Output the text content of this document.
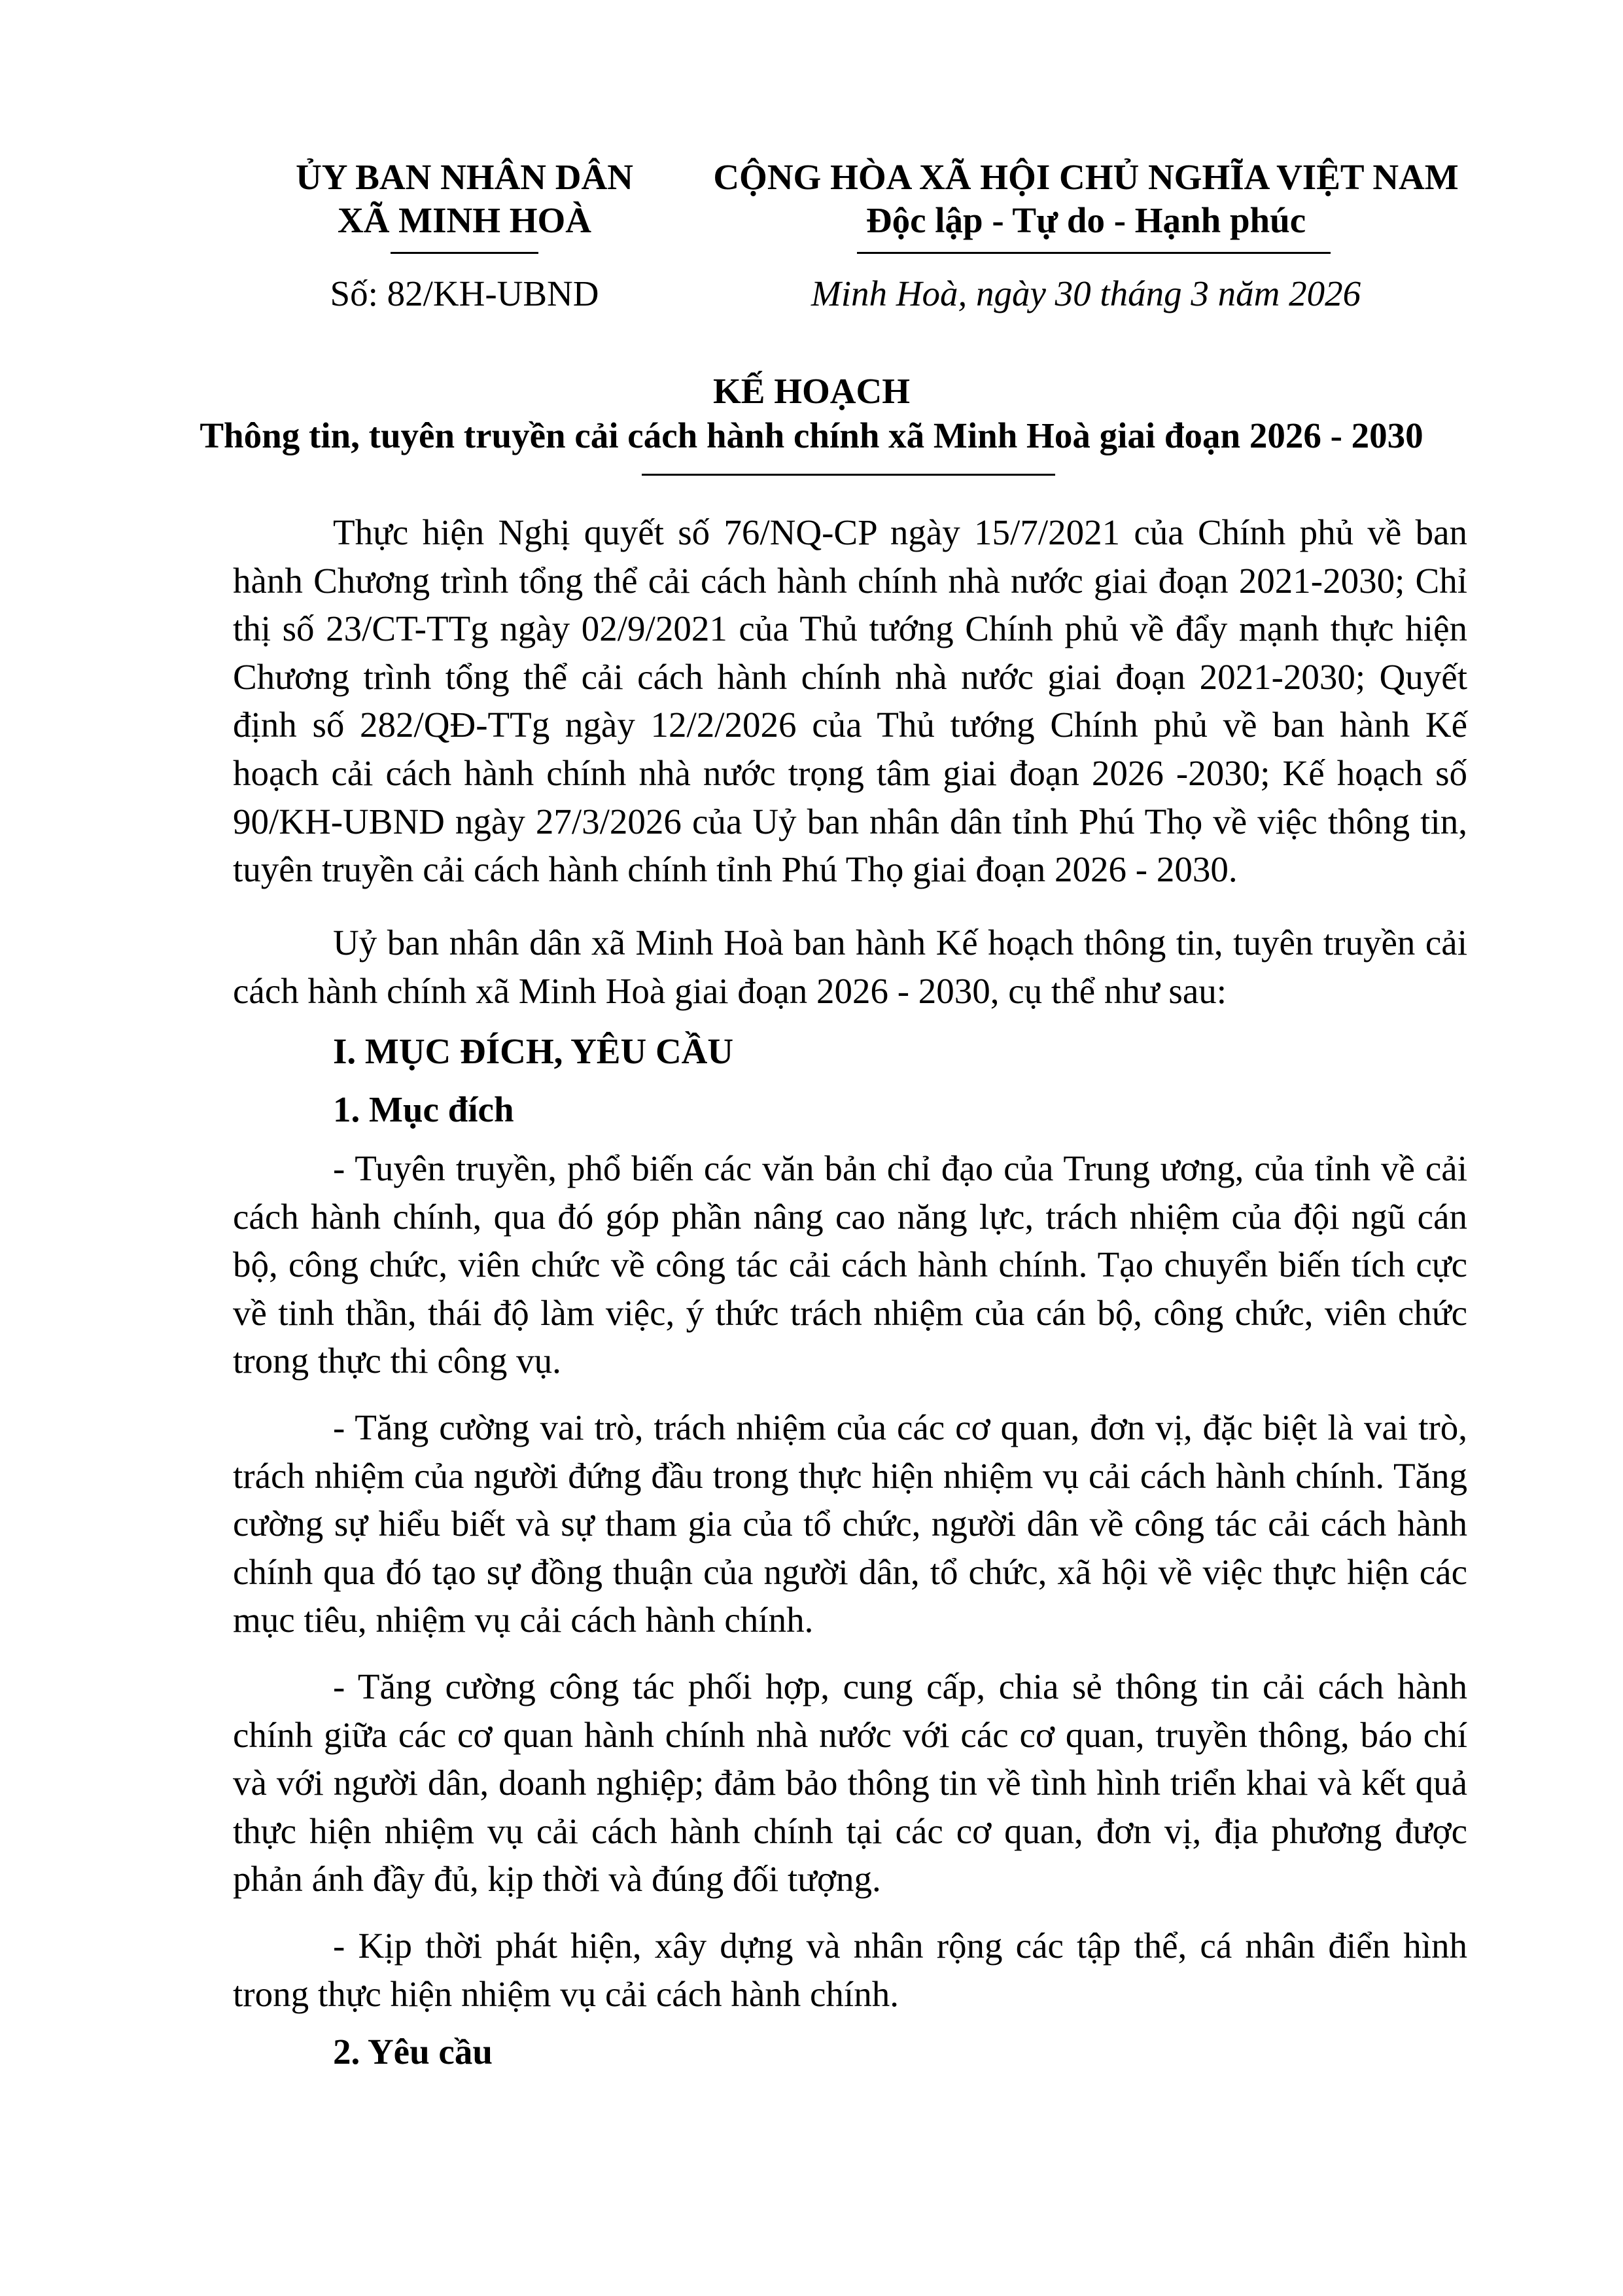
ỦY BAN NHÂN DÂN
XÃ MINH HOÀ
Số: 82/KH-UBND
CỘNG HÒA XÃ HỘI CHỦ NGHĨA VIỆT NAM
Độc lập - Tự do - Hạnh phúc
Minh Hoà, ngày 30 tháng 3 năm 2026
KẾ HOẠCH
Thông tin, tuyên truyền cải cách hành chính xã Minh Hoà giai đoạn 2026 - 2030
Thực hiện Nghị quyết số 76/NQ-CP ngày 15/7/2021 của Chính phủ về ban hành Chương trình tổng thể cải cách hành chính nhà nước giai đoạn 2021-2030; Chỉ thị số 23/CT-TTg ngày 02/9/2021 của Thủ tướng Chính phủ về đẩy mạnh thực hiện Chương trình tổng thể cải cách hành chính nhà nước giai đoạn 2021-2030; Quyết định số 282/QĐ-TTg ngày 12/2/2026 của Thủ tướng Chính phủ về ban hành Kế hoạch cải cách hành chính nhà nước trọng tâm giai đoạn 2026 -2030; Kế hoạch số 90/KH-UBND ngày 27/3/2026 của Uỷ ban nhân dân tỉnh Phú Thọ về việc thông tin, tuyên truyền cải cách hành chính tỉnh Phú Thọ giai đoạn 2026 - 2030.
Uỷ ban nhân dân xã Minh Hoà ban hành Kế hoạch thông tin, tuyên truyền cải cách hành chính xã Minh Hoà giai đoạn 2026 - 2030, cụ thể như sau:
I. MỤC ĐÍCH, YÊU CẦU
1. Mục đích
- Tuyên truyền, phổ biến các văn bản chỉ đạo của Trung ương, của tỉnh về cải cách hành chính, qua đó góp phần nâng cao năng lực, trách nhiệm của đội ngũ cán bộ, công chức, viên chức về công tác cải cách hành chính. Tạo chuyển biến tích cực về tinh thần, thái độ làm việc, ý thức trách nhiệm của cán bộ, công chức, viên chức trong thực thi công vụ.
- Tăng cường vai trò, trách nhiệm của các cơ quan, đơn vị, đặc biệt là vai trò, trách nhiệm của người đứng đầu trong thực hiện nhiệm vụ cải cách hành chính. Tăng cường sự hiểu biết và sự tham gia của tổ chức, người dân về công tác cải cách hành chính qua đó tạo sự đồng thuận của người dân, tổ chức, xã hội về việc thực hiện các mục tiêu, nhiệm vụ cải cách hành chính.
- Tăng cường công tác phối hợp, cung cấp, chia sẻ thông tin cải cách hành chính giữa các cơ quan hành chính nhà nước với các cơ quan, truyền thông, báo chí và với người dân, doanh nghiệp; đảm bảo thông tin về tình hình triển khai và kết quả thực hiện nhiệm vụ cải cách hành chính tại các cơ quan, đơn vị, địa phương được phản ánh đầy đủ, kịp thời và đúng đối tượng.
- Kịp thời phát hiện, xây dựng và nhân rộng các tập thể, cá nhân điển hình trong thực hiện nhiệm vụ cải cách hành chính.
2. Yêu cầu
